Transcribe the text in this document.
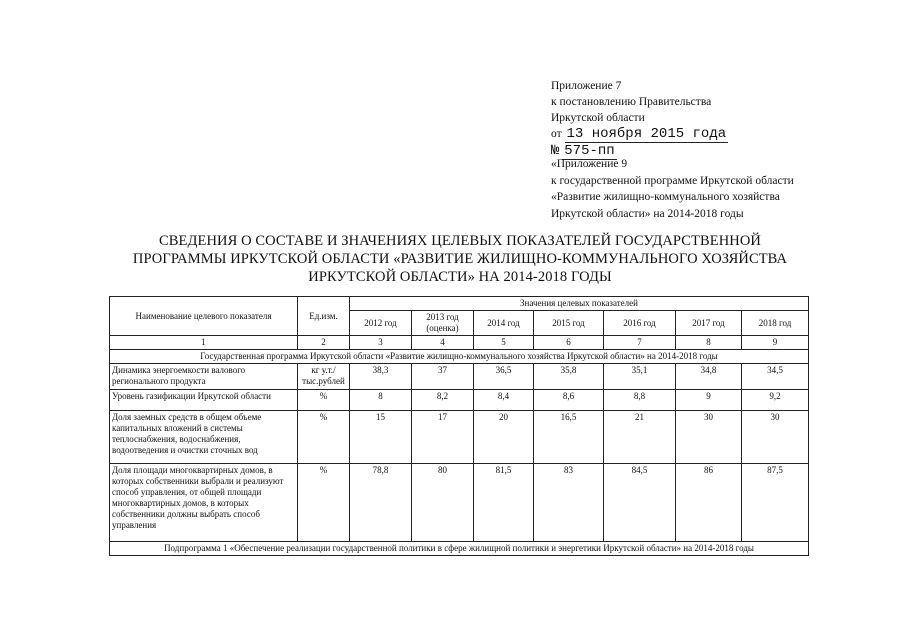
Приложение 7
к постановлению Правительства
Иркутской области
от 13 ноября 2015 года
№ 575-пп
«Приложение 9
к государственной программе Иркутской области
«Развитие жилищно-коммунального хозяйства
Иркутской области» на 2014-2018 годы
СВЕДЕНИЯ О СОСТАВЕ И ЗНАЧЕНИЯХ ЦЕЛЕВЫХ ПОКАЗАТЕЛЕЙ ГОСУДАРСТВЕННОЙ
ПРОГРАММЫ ИРКУТСКОЙ ОБЛАСТИ «РАЗВИТИЕ ЖИЛИЩНО-КОММУНАЛЬНОГО ХОЗЯЙСТВА
ИРКУТСКОЙ ОБЛАСТИ» НА 2014-2018 ГОДЫ
Наименование целевого показателя	Ед.изм.	Значения целевых показателей						
		2012 год	2013 год (оценка)	2014 год	2015 год	2016 год	2017 год	2018 год
1	2	3	4	5	6	7	8	9
Государственная программа Иркутской области «Развитие жилищно-коммунального хозяйства Иркутской области» на 2014-2018 годы								
Динамика энергоемкости валового регионального продукта	кг у.т./ тыс.рублей	38,3	37	36,5	35,8	35,1	34,8	34,5
Уровень газификации Иркутской области	%	8	8,2	8,4	8,6	8,8	9	9,2
Доля заемных средств в общем объеме капитальных вложений в системы теплоснабжения, водоснабжения, водоотведения и очистки сточных вод	%	15	17	20	16,5	21	30	30
Доля площади многоквартирных домов, в которых собственники выбрали и реализуют способ управления, от общей площади многоквартирных домов, в которых собственники должны выбрать способ управления	%	78,8	80	81,5	83	84,5	86	87,5
Подпрограмма 1 «Обеспечение реализации государственной политики в сфере жилищной политики и энергетики Иркутской области» на 2014-2018 годы								
